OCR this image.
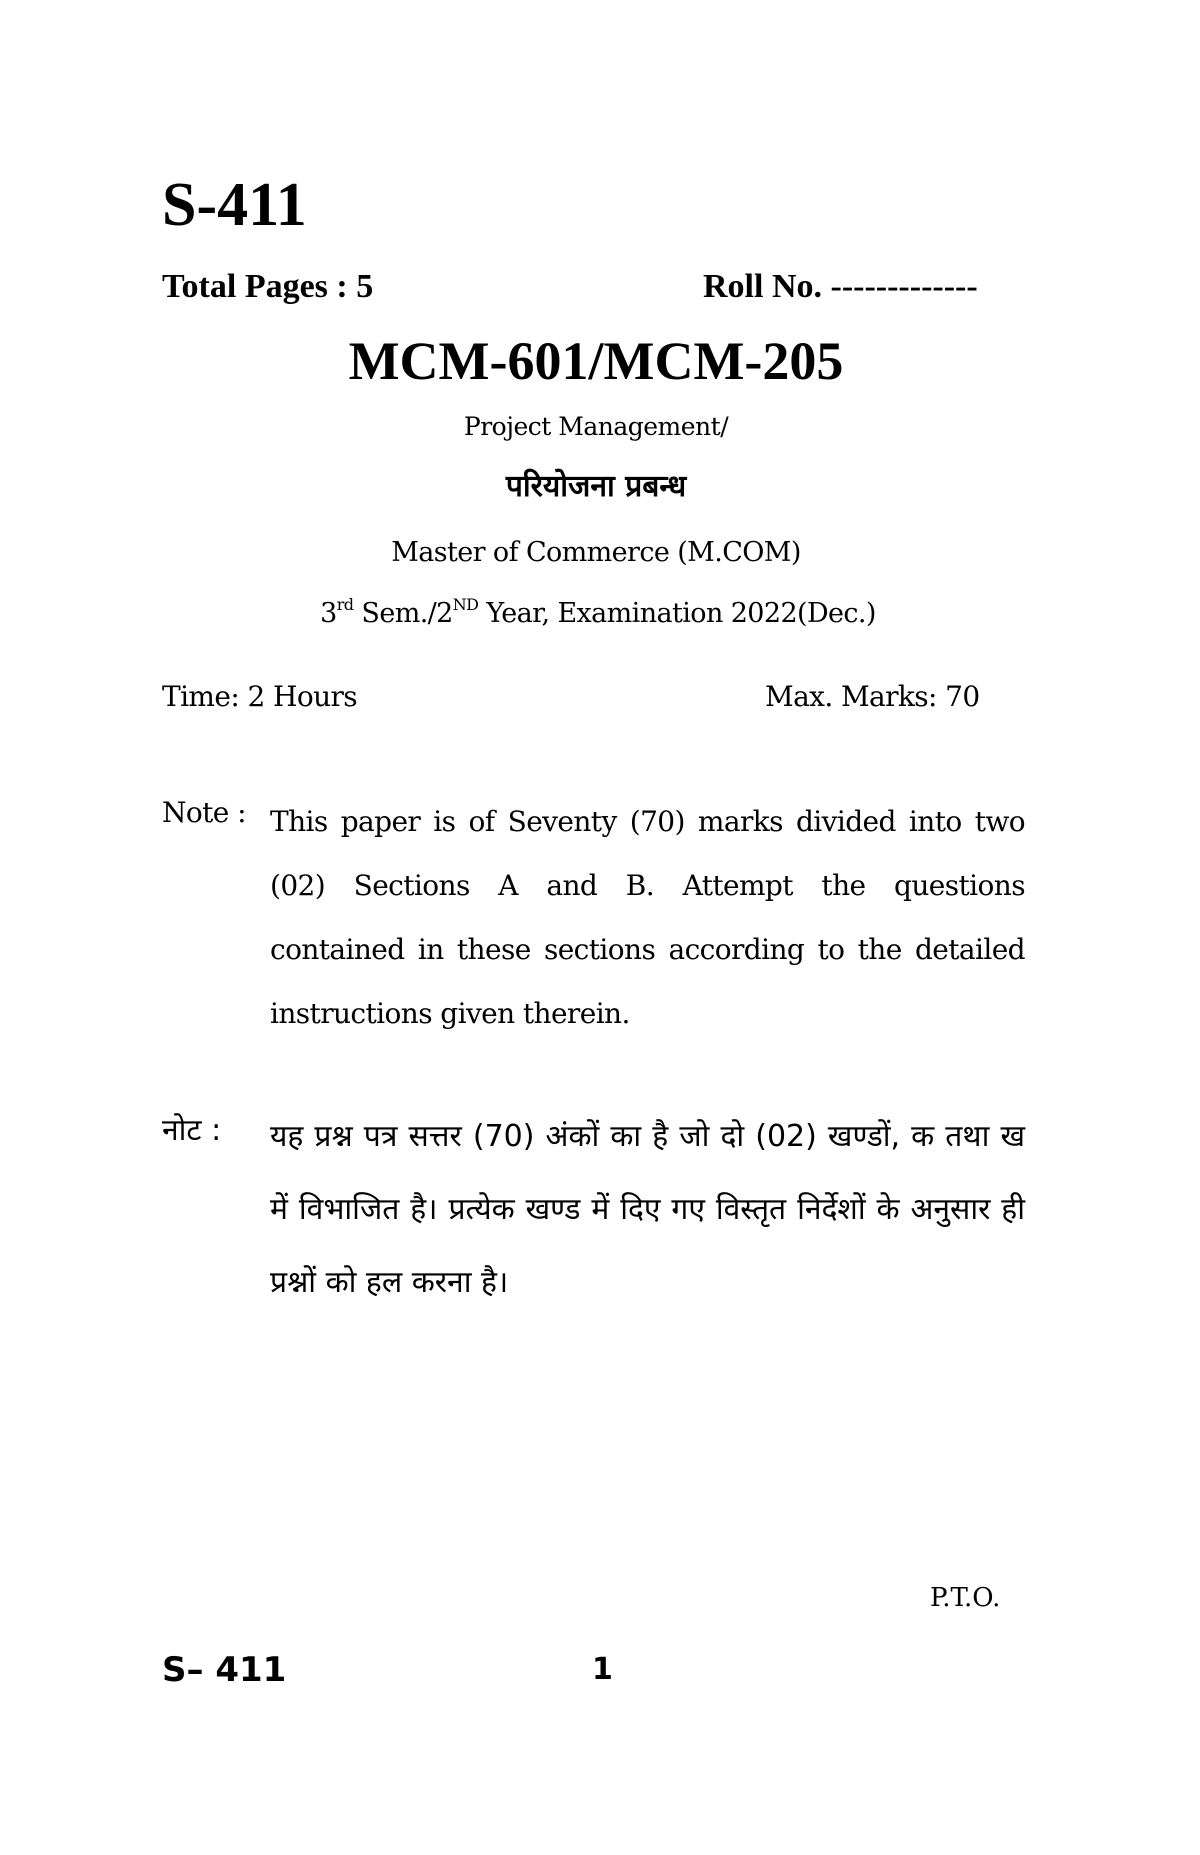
S-411
Total Pages : 5	Roll No. -------------
MCM-601/MCM-205
Project Management/
परियोजना प्रबन्ध
Master of Commerce (M.COM)
3rd Sem./2ND Year, Examination 2022(Dec.)
Time: 2 Hours	Max. Marks: 70
Note : This paper is of Seventy (70) marks divided into two (02) Sections A and B. Attempt the questions contained in these sections according to the detailed instructions given therein.

नोट : यह प्रश्न पत्र सत्तर (70) अंकों का है जो दो (02) खण्डों, क तथा ख में विभाजित है। प्रत्येक खण्ड में दिए गए विस्तृत निर्देशों के अनुसार ही प्रश्नों को हल करना है।

P.T.O.
S– 411	1
